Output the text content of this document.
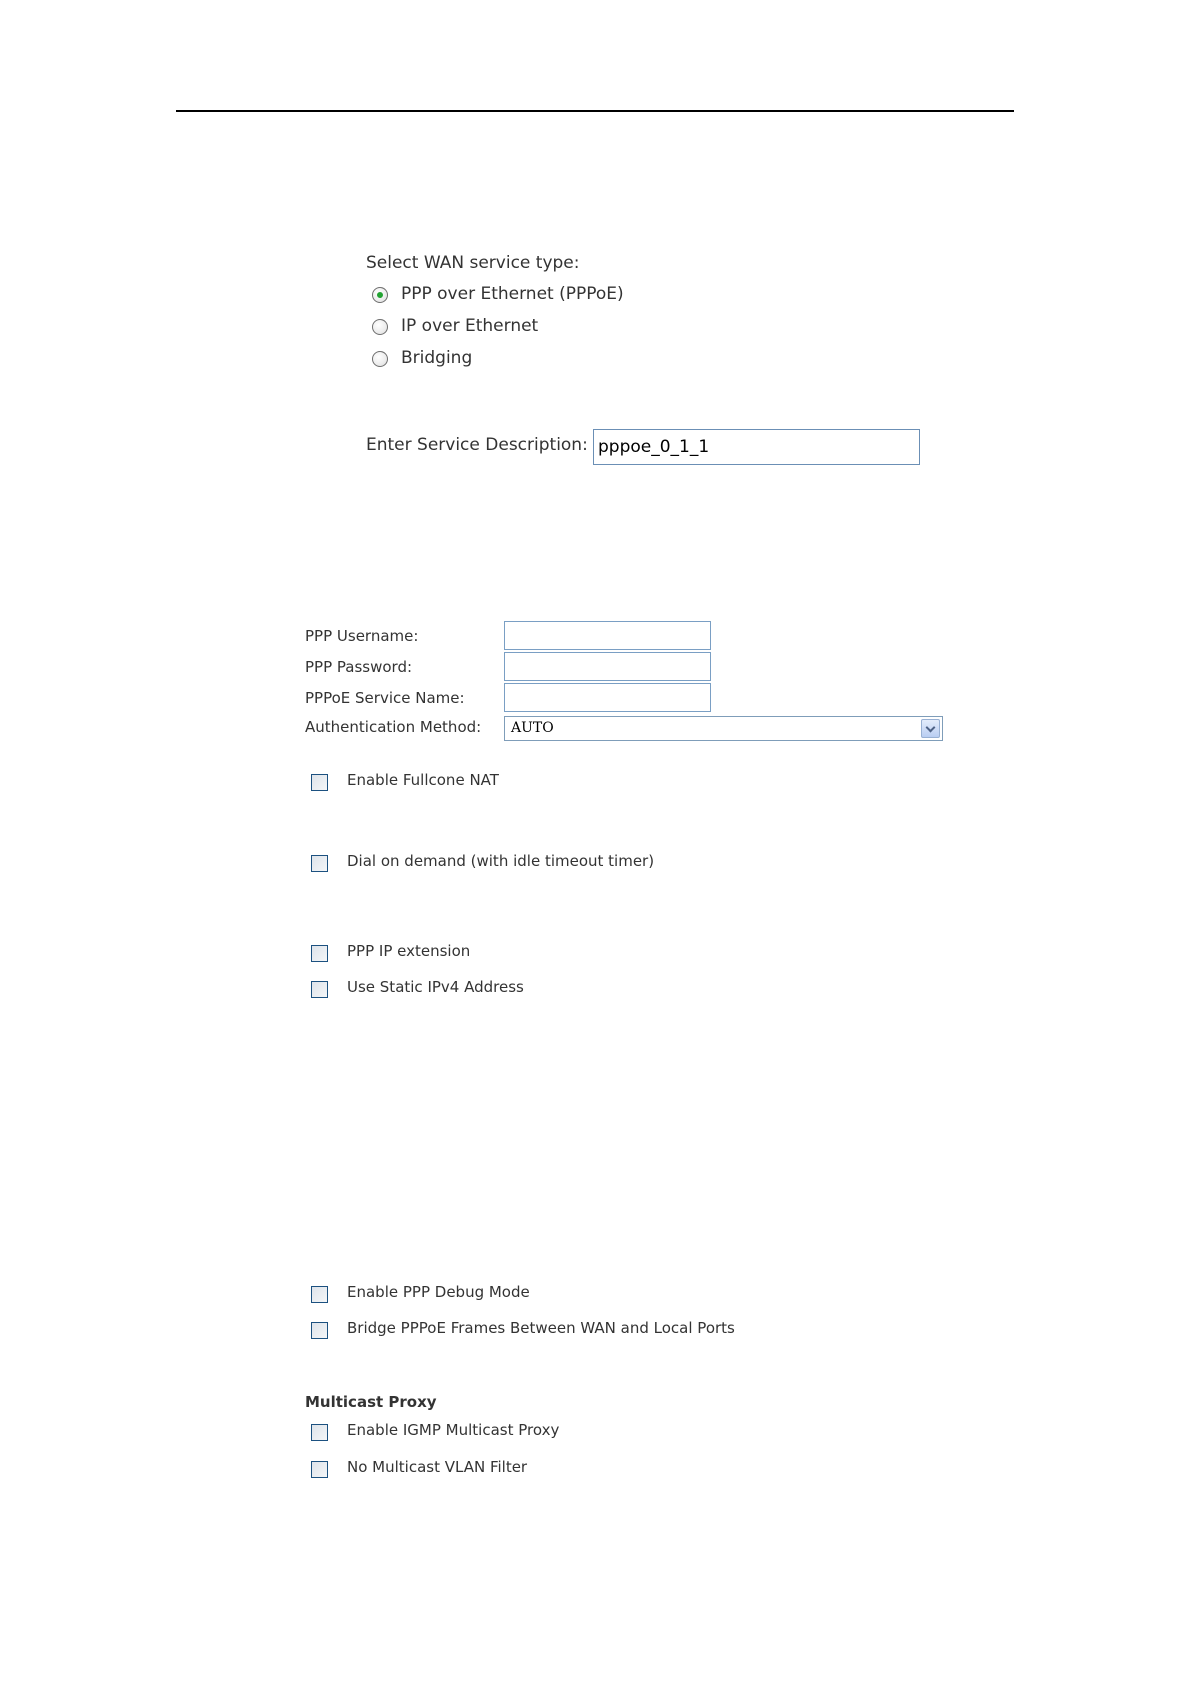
Select WAN service type:
PPP over Ethernet (PPPoE)
IP over Ethernet
Bridging
Enter Service Description:
pppoe_0_1_1
PPP Username:
PPP Password:
PPPoE Service Name:
Authentication Method: AUTO
Enable Fullcone NAT
Dial on demand (with idle timeout timer)
PPP IP extension
Use Static IPv4 Address
Enable PPP Debug Mode
Bridge PPPoE Frames Between WAN and Local Ports
Multicast Proxy
Enable IGMP Multicast Proxy
No Multicast VLAN Filter
